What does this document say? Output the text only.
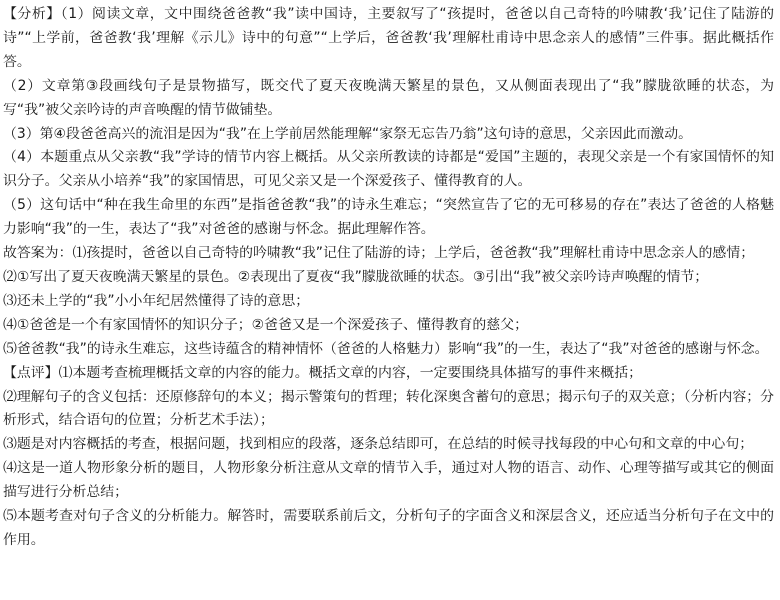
【分析】（1）阅读文章，文中围绕爸爸教“我”读中国诗，主要叙写了“孩提时，爸爸以自己奇特的吟啸教‘我’记住了陆游的诗”“上学前，爸爸教‘我’理解《示儿》诗中的句意”“上学后，爸爸教‘我’理解杜甫诗中思念亲人的感情”三件事。据此概括作答。

（2）文章第③段画线句子是景物描写，既交代了夏天夜晚满天繁星的景色，又从侧面表现出了“我”朦胧欲睡的状态，为写“我”被父亲吟诗的声音唤醒的情节做铺垫。

（3）第④段爸爸高兴的流泪是因为“我”在上学前居然能理解“家祭无忘告乃翁”这句诗的意思，父亲因此而激动。

（4）本题重点从父亲教“我”学诗的情节内容上概括。从父亲所教读的诗都是“爱国”主题的，表现父亲是一个有家国情怀的知识分子。父亲从小培养“我”的家国情思，可见父亲又是一个深爱孩子、懂得教育的人。

（5）这句话中“种在我生命里的东西”是指爸爸教“我”的诗永生难忘；“突然宣告了它的无可移易的存在”表达了爸爸的人格魅力影响“我”的一生，表达了“我”对爸爸的感谢与怀念。据此理解作答。

故答案为：⑴孩提时，爸爸以自己奇特的吟啸教“我”记住了陆游的诗；上学后，爸爸教“我”理解杜甫诗中思念亲人的感情；

⑵①写出了夏天夜晚满天繁星的景色。②表现出了夏夜“我”朦胧欲睡的状态。③引出“我”被父亲吟诗声唤醒的情节；

⑶还未上学的“我”小小年纪居然懂得了诗的意思；

⑷①爸爸是一个有家国情怀的知识分子；②爸爸又是一个深爱孩子、懂得教育的慈父；

⑸爸爸教“我”的诗永生难忘，这些诗蕴含的精神情怀（爸爸的人格魅力）影响“我”的一生，表达了“我”对爸爸的感谢与怀念。

【点评】⑴本题考查梳理概括文章的内容的能力。概括文章的内容，一定要围绕具体描写的事件来概括；

⑵理解句子的含义包括：还原修辞句的本义；揭示警策句的哲理；转化深奥含蓄句的意思；揭示句子的双关意；（分析内容；分析形式，结合语句的位置；分析艺术手法）；

⑶题是对内容概括的考查，根据问题，找到相应的段落，逐条总结即可，在总结的时候寻找每段的中心句和文章的中心句；

⑷这是一道人物形象分析的题目，人物形象分析注意从文章的情节入手，通过对人物的语言、动作、心理等描写或其它的侧面描写进行分析总结；

⑸本题考查对句子含义的分析能力。解答时，需要联系前后文，分析句子的字面含义和深层含义，还应适当分析句子在文中的作用。
